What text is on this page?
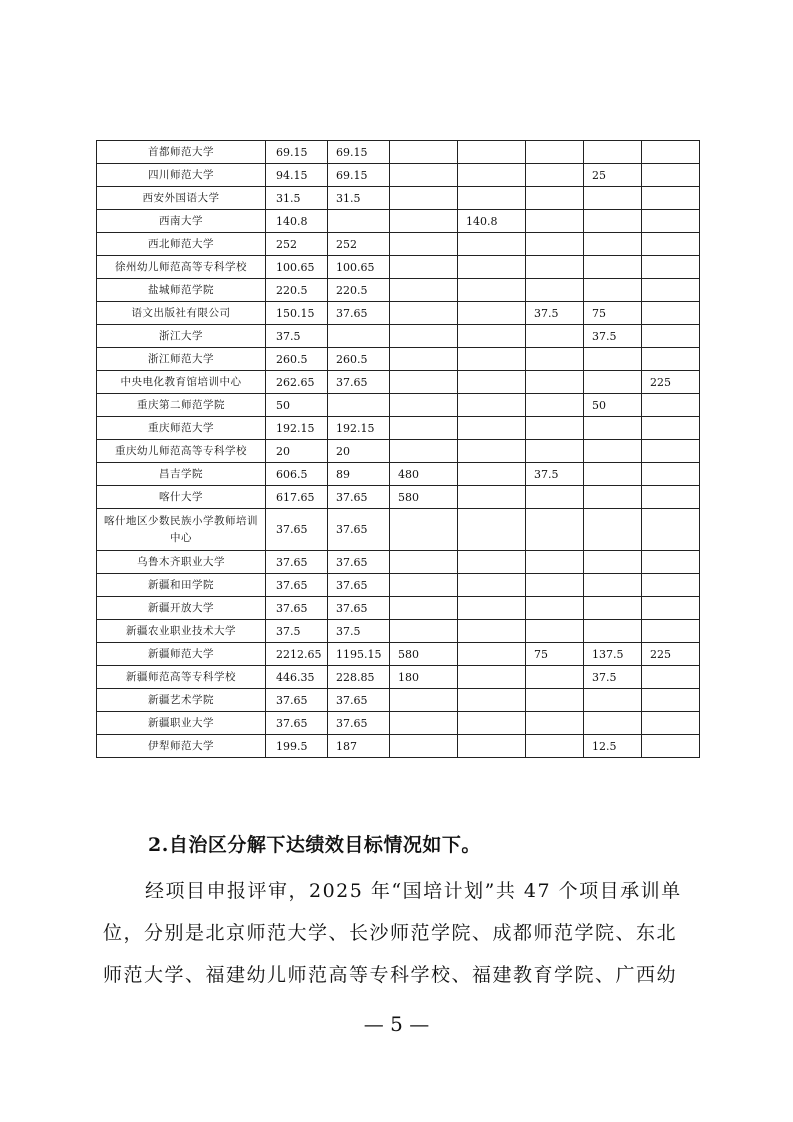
首都师范大学	69.15	69.15					
四川师范大学	94.15	69.15				25	
西安外国语大学	31.5	31.5					
西南大学	140.8			140.8			
西北师范大学	252	252					
徐州幼儿师范高等专科学校	100.65	100.65					
盐城师范学院	220.5	220.5					
语文出版社有限公司	150.15	37.65			37.5	75	
浙江大学	37.5					37.5	
浙江师范大学	260.5	260.5					
中央电化教育馆培训中心	262.65	37.65					225
重庆第二师范学院	50					50	
重庆师范大学	192.15	192.15					
重庆幼儿师范高等专科学校	20	20					
昌吉学院	606.5	89	480		37.5		
喀什大学	617.65	37.65	580				
喀什地区少数民族小学教师培训中心	37.65	37.65					
乌鲁木齐职业大学	37.65	37.65					
新疆和田学院	37.65	37.65					
新疆开放大学	37.65	37.65					
新疆农业职业技术大学	37.5	37.5					
新疆师范大学	2212.65	1195.15	580		75	137.5	225
新疆师范高等专科学校	446.35	228.85	180			37.5	
新疆艺术学院	37.65	37.65					
新疆职业大学	37.65	37.65					
伊犁师范大学	199.5	187				12.5	
2.自治区分解下达绩效目标情况如下。
经项目申报评审，2025 年“国培计划”共 47 个项目承训单
位，分别是北京师范大学、长沙师范学院、成都师范学院、东北
师范大学、福建幼儿师范高等专科学校、福建教育学院、广西幼
— 5 —
